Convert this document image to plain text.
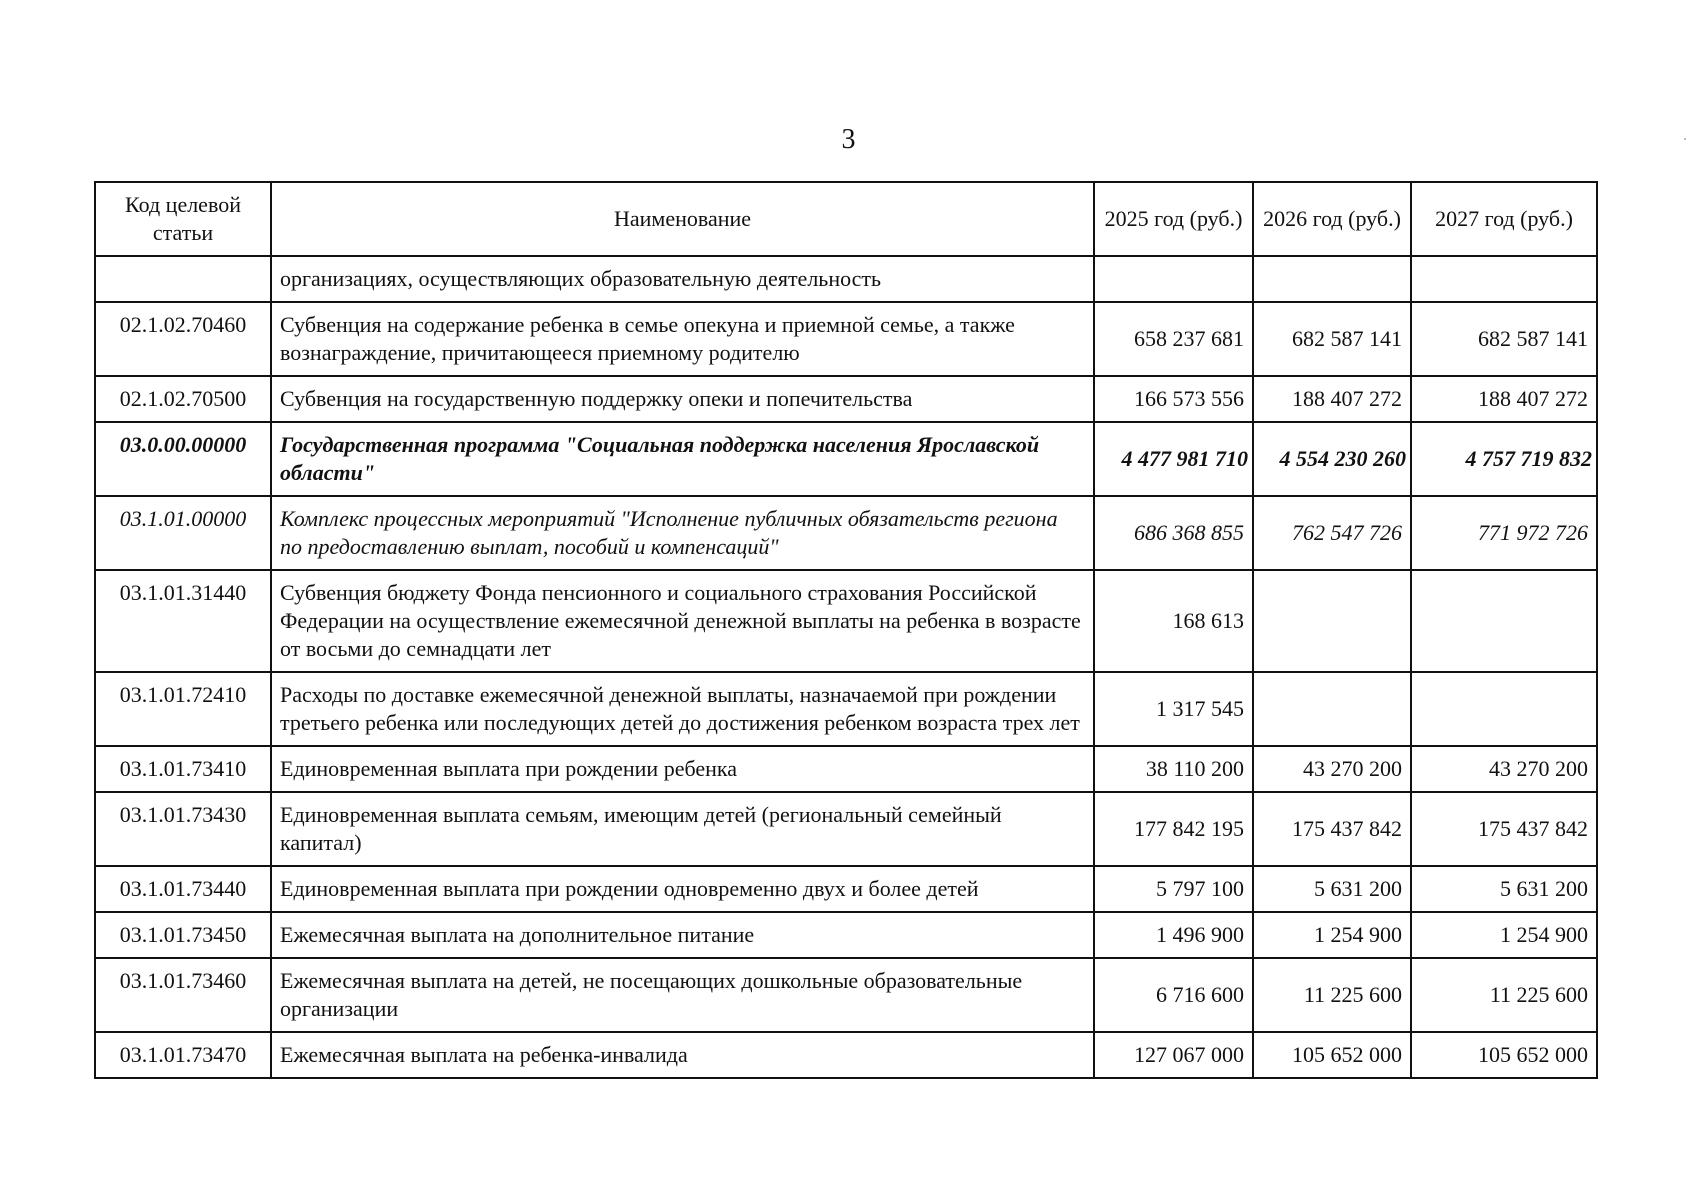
3
Код целевой статьи	Наименование	2025 год (руб.)	2026 год (руб.)	2027 год (руб.)
	организациях, осуществляющих образовательную деятельность			
02.1.02.70460	Субвенция на содержание ребенка в семье опекуна и приемной семье, а также вознаграждение, причитающееся приемному родителю	658 237 681	682 587 141	682 587 141
02.1.02.70500	Субвенция на государственную поддержку опеки и попечительства	166 573 556	188 407 272	188 407 272
03.0.00.00000	Государственная программа "Социальная поддержка населения Ярославской области"	4 477 981 710	4 554 230 260	4 757 719 832
03.1.01.00000	Комплекс процессных мероприятий "Исполнение публичных обязательств региона по предоставлению выплат, пособий и компенсаций"	686 368 855	762 547 726	771 972 726
03.1.01.31440	Субвенция бюджету Фонда пенсионного и социального страхования Российской Федерации на осуществление ежемесячной денежной выплаты на ребенка в возрасте от восьми до семнадцати лет	168 613		
03.1.01.72410	Расходы по доставке ежемесячной денежной выплаты, назначаемой при рождении третьего ребенка или последующих детей до достижения ребенком возраста трех лет	1 317 545		
03.1.01.73410	Единовременная выплата при рождении ребенка	38 110 200	43 270 200	43 270 200
03.1.01.73430	Единовременная выплата семьям, имеющим детей (региональный семейный капитал)	177 842 195	175 437 842	175 437 842
03.1.01.73440	Единовременная выплата при рождении одновременно двух и более детей	5 797 100	5 631 200	5 631 200
03.1.01.73450	Ежемесячная выплата на дополнительное питание	1 496 900	1 254 900	1 254 900
03.1.01.73460	Ежемесячная выплата на детей, не посещающих дошкольные образовательные организации	6 716 600	11 225 600	11 225 600
03.1.01.73470	Ежемесячная выплата на ребенка-инвалида	127 067 000	105 652 000	105 652 000
